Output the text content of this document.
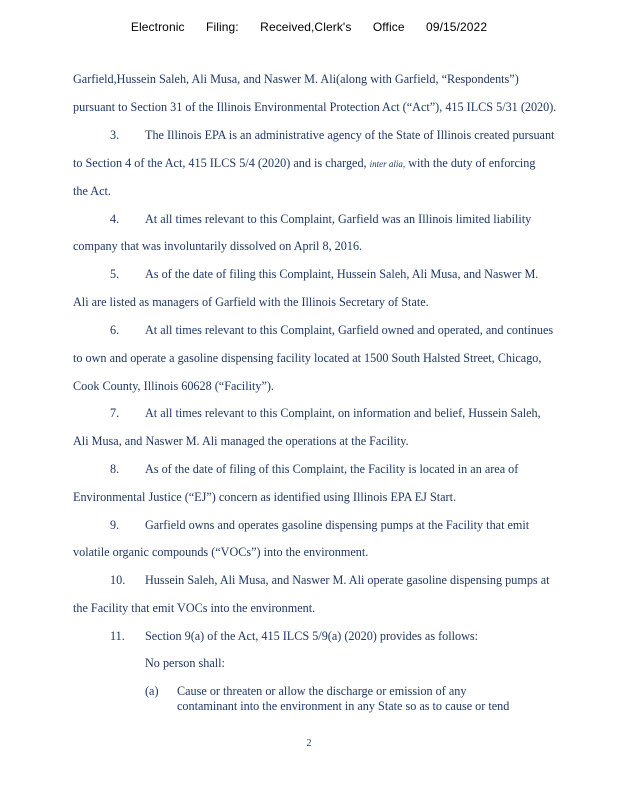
Electronic Filing: Received,Clerk's Office 09/15/2022
Garfield,Hussein Saleh, Ali Musa, and Naswer M. Ali(along with Garfield, “Respondents”)
pursuant to Section 31 of the Illinois Environmental Protection Act (“Act”), 415 ILCS 5/31 (2020).
3. The Illinois EPA is an administrative agency of the State of Illinois created pursuant
to Section 4 of the Act, 415 ILCS 5/4 (2020) and is charged, inter alia, with the duty of enforcing
the Act.
4. At all times relevant to this Complaint, Garfield was an Illinois limited liability
company that was involuntarily dissolved on April 8, 2016.
5. As of the date of filing this Complaint, Hussein Saleh, Ali Musa, and Naswer M.
Ali are listed as managers of Garfield with the Illinois Secretary of State.
6. At all times relevant to this Complaint, Garfield owned and operated, and continues
to own and operate a gasoline dispensing facility located at 1500 South Halsted Street, Chicago,
Cook County, Illinois 60628 (“Facility”).
7. At all times relevant to this Complaint, on information and belief, Hussein Saleh,
Ali Musa, and Naswer M. Ali managed the operations at the Facility.
8. As of the date of filing of this Complaint, the Facility is located in an area of
Environmental Justice (“EJ”) concern as identified using Illinois EPA EJ Start.
9. Garfield owns and operates gasoline dispensing pumps at the Facility that emit
volatile organic compounds (“VOCs”) into the environment.
10. Hussein Saleh, Ali Musa, and Naswer M. Ali operate gasoline dispensing pumps at
the Facility that emit VOCs into the environment.
11. Section 9(a) of the Act, 415 ILCS 5/9(a) (2020) provides as follows:
No person shall:
(a) Cause or threaten or allow the discharge or emission of any
contaminant into the environment in any State so as to cause or tend
2
